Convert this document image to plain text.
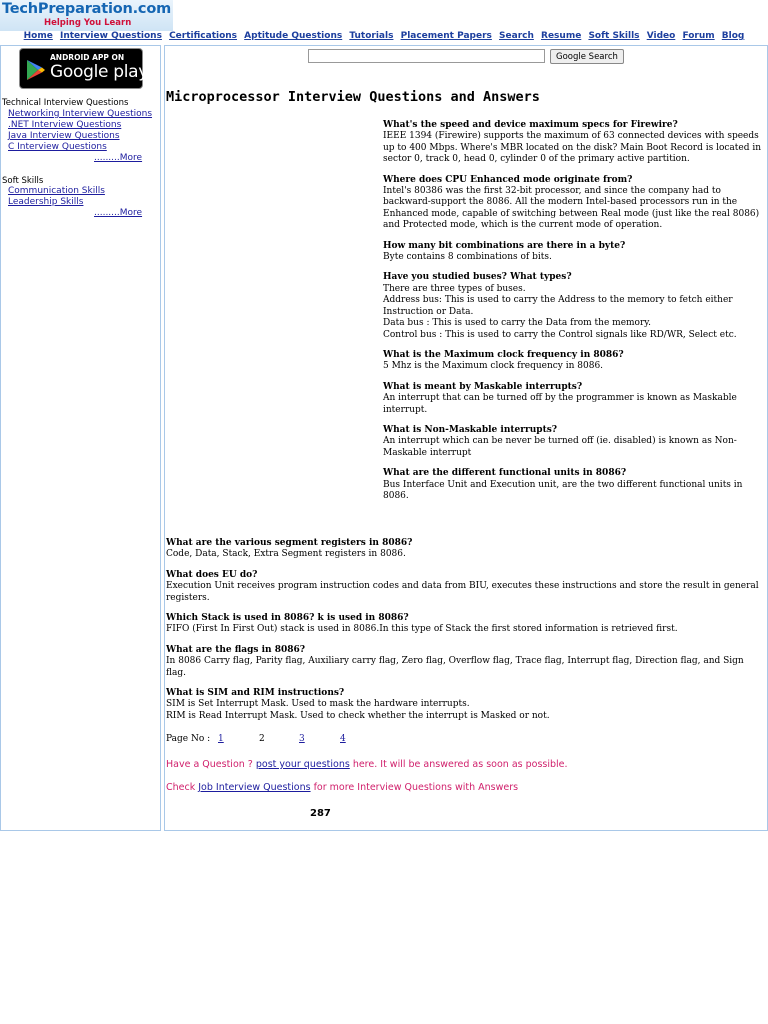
TechPreparation.com
Helping You Learn
Home Interview Questions Certifications Aptitude Questions Tutorials Placement Papers Search Resume Soft Skills Video Forum Blog
ANDROID APP ON
Google play
Technical Interview Questions
Networking Interview Questions
.NET Interview Questions
Java Interview Questions
C Interview Questions
.........More
Soft Skills
Communication Skills
Leadership Skills
.........More
Google Search
Microprocessor Interview Questions and Answers
What's the speed and device maximum specs for Firewire?
IEEE 1394 (Firewire) supports the maximum of 63 connected devices with speeds up to 400 Mbps. Where's MBR located on the disk? Main Boot Record is located in sector 0, track 0, head 0, cylinder 0 of the primary active partition.
Where does CPU Enhanced mode originate from?
Intel's 80386 was the first 32-bit processor, and since the company had to backward-support the 8086. All the modern Intel-based processors run in the Enhanced mode, capable of switching between Real mode (just like the real 8086) and Protected mode, which is the current mode of operation.
How many bit combinations are there in a byte?
Byte contains 8 combinations of bits.
Have you studied buses? What types?
There are three types of buses.
Address bus: This is used to carry the Address to the memory to fetch either Instruction or Data.
Data bus : This is used to carry the Data from the memory.
Control bus : This is used to carry the Control signals like RD/WR, Select etc.
What is the Maximum clock frequency in 8086?
5 Mhz is the Maximum clock frequency in 8086.
What is meant by Maskable interrupts?
An interrupt that can be turned off by the programmer is known as Maskable interrupt.
What is Non-Maskable interrupts?
An interrupt which can be never be turned off (ie. disabled) is known as Non-Maskable interrupt
What are the different functional units in 8086?
Bus Interface Unit and Execution unit, are the two different functional units in 8086.
What are the various segment registers in 8086?
Code, Data, Stack, Extra Segment registers in 8086.
What does EU do?
Execution Unit receives program instruction codes and data from BIU, executes these instructions and store the result in general registers.
Which Stack is used in 8086? k is used in 8086?
FIFO (First In First Out) stack is used in 8086.In this type of Stack the first stored information is retrieved first.
What are the flags in 8086?
In 8086 Carry flag, Parity flag, Auxiliary carry flag, Zero flag, Overflow flag, Trace flag, Interrupt flag, Direction flag, and Sign flag.
What is SIM and RIM instructions?
SIM is Set Interrupt Mask. Used to mask the hardware interrupts.
RIM is Read Interrupt Mask. Used to check whether the interrupt is Masked or not.
Page No : 1	2	3	4
Have a Question ? post your questions here. It will be answered as soon as possible.
Check Job Interview Questions for more Interview Questions with Answers
287
